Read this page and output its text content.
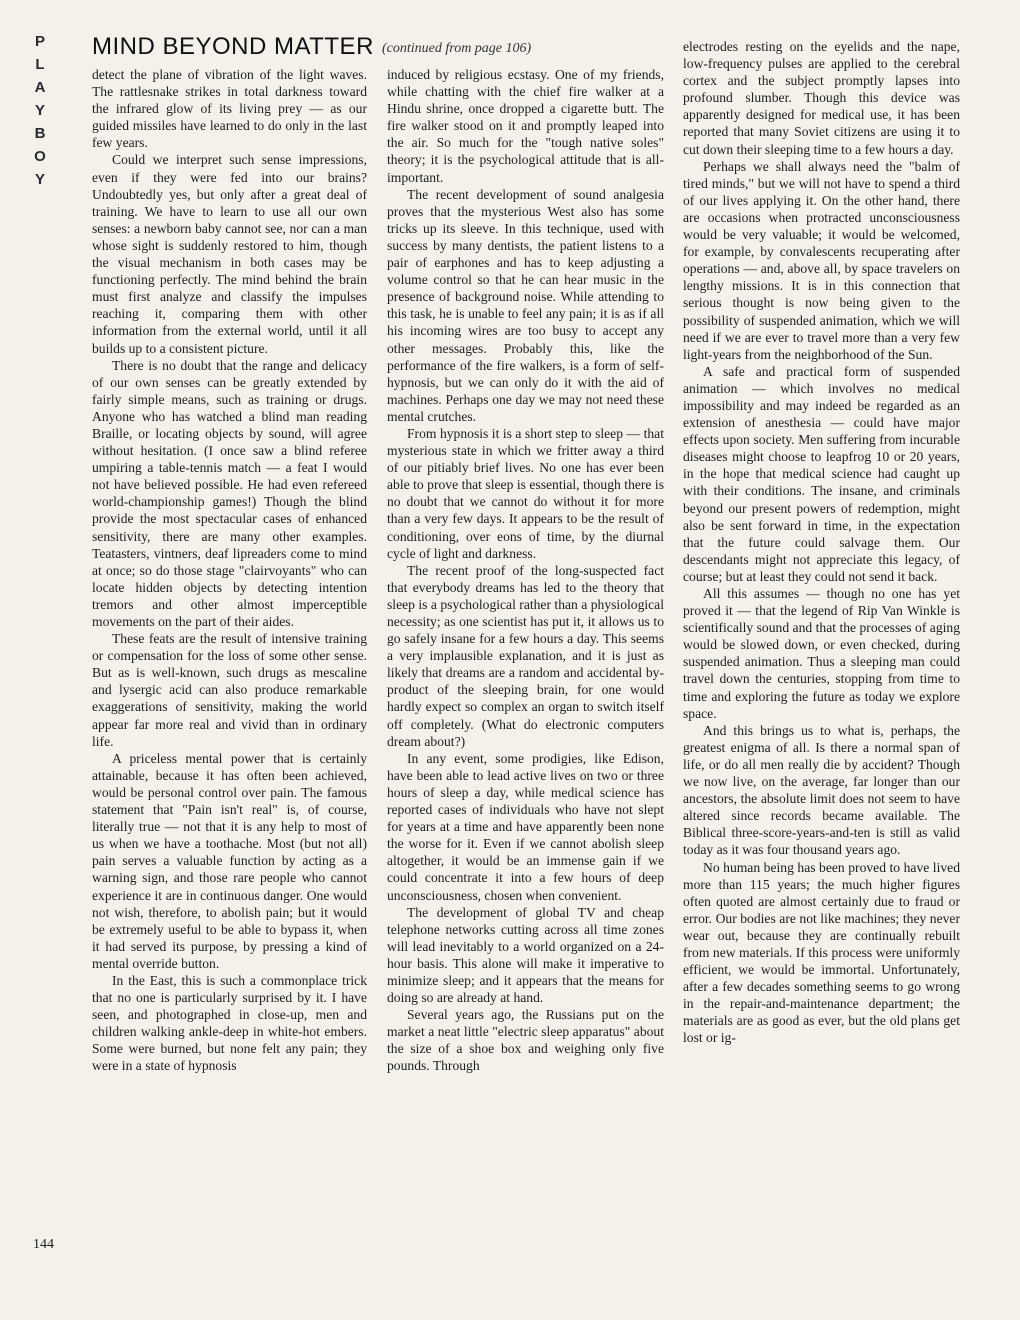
P
L
A
Y
B
O
Y
MIND BEYOND MATTER (continued from page 106)

detect the plane of vibration of the light waves. The rattlesnake strikes in total darkness toward the infrared glow of its living prey — as our guided missiles have learned to do only in the last few years.

Could we interpret such sense impressions, even if they were fed into our brains? Undoubtedly yes, but only after a great deal of training. We have to learn to use all our own senses: a newborn baby cannot see, nor can a man whose sight is suddenly restored to him, though the visual mechanism in both cases may be functioning perfectly. The mind behind the brain must first analyze and classify the impulses reaching it, comparing them with other information from the external world, until it all builds up to a consistent picture.

There is no doubt that the range and delicacy of our own senses can be greatly extended by fairly simple means, such as training or drugs. Anyone who has watched a blind man reading Braille, or locating objects by sound, will agree without hesitation. (I once saw a blind referee umpiring a table-tennis match — a feat I would not have believed possible. He had even refereed world-championship games!) Though the blind provide the most spectacular cases of enhanced sensitivity, there are many other examples. Teatasters, vintners, deaf lipreaders come to mind at once; so do those stage "clairvoyants" who can locate hidden objects by detecting intention tremors and other almost imperceptible movements on the part of their aides.

These feats are the result of intensive training or compensation for the loss of some other sense. But as is well-known, such drugs as mescaline and lysergic acid can also produce remarkable exaggerations of sensitivity, making the world appear far more real and vivid than in ordinary life.

A priceless mental power that is certainly attainable, because it has often been achieved, would be personal control over pain. The famous statement that "Pain isn't real" is, of course, literally true — not that it is any help to most of us when we have a toothache. Most (but not all) pain serves a valuable function by acting as a warning sign, and those rare people who cannot experience it are in continuous danger. One would not wish, therefore, to abolish pain; but it would be extremely useful to be able to bypass it, when it had served its purpose, by pressing a kind of mental override button.

In the East, this is such a commonplace trick that no one is particularly surprised by it. I have seen, and photographed in close-up, men and children walking ankle-deep in white-hot embers. Some were burned, but none felt any pain; they were in a state of hypnosis

induced by religious ecstasy. One of my friends, while chatting with the chief fire walker at a Hindu shrine, once dropped a cigarette butt. The fire walker stood on it and promptly leaped into the air. So much for the "tough native soles" theory; it is the psychological attitude that is all-important.

The recent development of sound analgesia proves that the mysterious West also has some tricks up its sleeve. In this technique, used with success by many dentists, the patient listens to a pair of earphones and has to keep adjusting a volume control so that he can hear music in the presence of background noise. While attending to this task, he is unable to feel any pain; it is as if all his incoming wires are too busy to accept any other messages. Probably this, like the performance of the fire walkers, is a form of self-hypnosis, but we can only do it with the aid of machines. Perhaps one day we may not need these mental crutches.

From hypnosis it is a short step to sleep — that mysterious state in which we fritter away a third of our pitiably brief lives. No one has ever been able to prove that sleep is essential, though there is no doubt that we cannot do without it for more than a very few days. It appears to be the result of conditioning, over eons of time, by the diurnal cycle of light and darkness.

The recent proof of the long-suspected fact that everybody dreams has led to the theory that sleep is a psychological rather than a physiological necessity; as one scientist has put it, it allows us to go safely insane for a few hours a day. This seems a very implausible explanation, and it is just as likely that dreams are a random and accidental by-product of the sleeping brain, for one would hardly expect so complex an organ to switch itself off completely. (What do electronic computers dream about?)

In any event, some prodigies, like Edison, have been able to lead active lives on two or three hours of sleep a day, while medical science has reported cases of individuals who have not slept for years at a time and have apparently been none the worse for it. Even if we cannot abolish sleep altogether, it would be an immense gain if we could concentrate it into a few hours of deep unconsciousness, chosen when convenient.

The development of global TV and cheap telephone networks cutting across all time zones will lead inevitably to a world organized on a 24-hour basis. This alone will make it imperative to minimize sleep; and it appears that the means for doing so are already at hand.

Several years ago, the Russians put on the market a neat little "electric sleep apparatus" about the size of a shoe box and weighing only five pounds. Through

electrodes resting on the eyelids and the nape, low-frequency pulses are applied to the cerebral cortex and the subject promptly lapses into profound slumber. Though this device was apparently designed for medical use, it has been reported that many Soviet citizens are using it to cut down their sleeping time to a few hours a day.

Perhaps we shall always need the "balm of tired minds," but we will not have to spend a third of our lives applying it. On the other hand, there are occasions when protracted unconsciousness would be very valuable; it would be welcomed, for example, by convalescents recuperating after operations — and, above all, by space travelers on lengthy missions. It is in this connection that serious thought is now being given to the possibility of suspended animation, which we will need if we are ever to travel more than a very few light-years from the neighborhood of the Sun.

A safe and practical form of suspended animation — which involves no medical impossibility and may indeed be regarded as an extension of anesthesia — could have major effects upon society. Men suffering from incurable diseases might choose to leapfrog 10 or 20 years, in the hope that medical science had caught up with their conditions. The insane, and criminals beyond our present powers of redemption, might also be sent forward in time, in the expectation that the future could salvage them. Our descendants might not appreciate this legacy, of course; but at least they could not send it back.

All this assumes — though no one has yet proved it — that the legend of Rip Van Winkle is scientifically sound and that the processes of aging would be slowed down, or even checked, during suspended animation. Thus a sleeping man could travel down the centuries, stopping from time to time and exploring the future as today we explore space.

And this brings us to what is, perhaps, the greatest enigma of all. Is there a normal span of life, or do all men really die by accident? Though we now live, on the average, far longer than our ancestors, the absolute limit does not seem to have altered since records became available. The Biblical three-score-years-and-ten is still as valid today as it was four thousand years ago.

No human being has been proved to have lived more than 115 years; the much higher figures often quoted are almost certainly due to fraud or error. Our bodies are not like machines; they never wear out, because they are continually rebuilt from new materials. If this process were uniformly efficient, we would be immortal. Unfortunately, after a few decades something seems to go wrong in the repair-and-maintenance department; the materials are as good as ever, but the old plans get lost or ig-

144
